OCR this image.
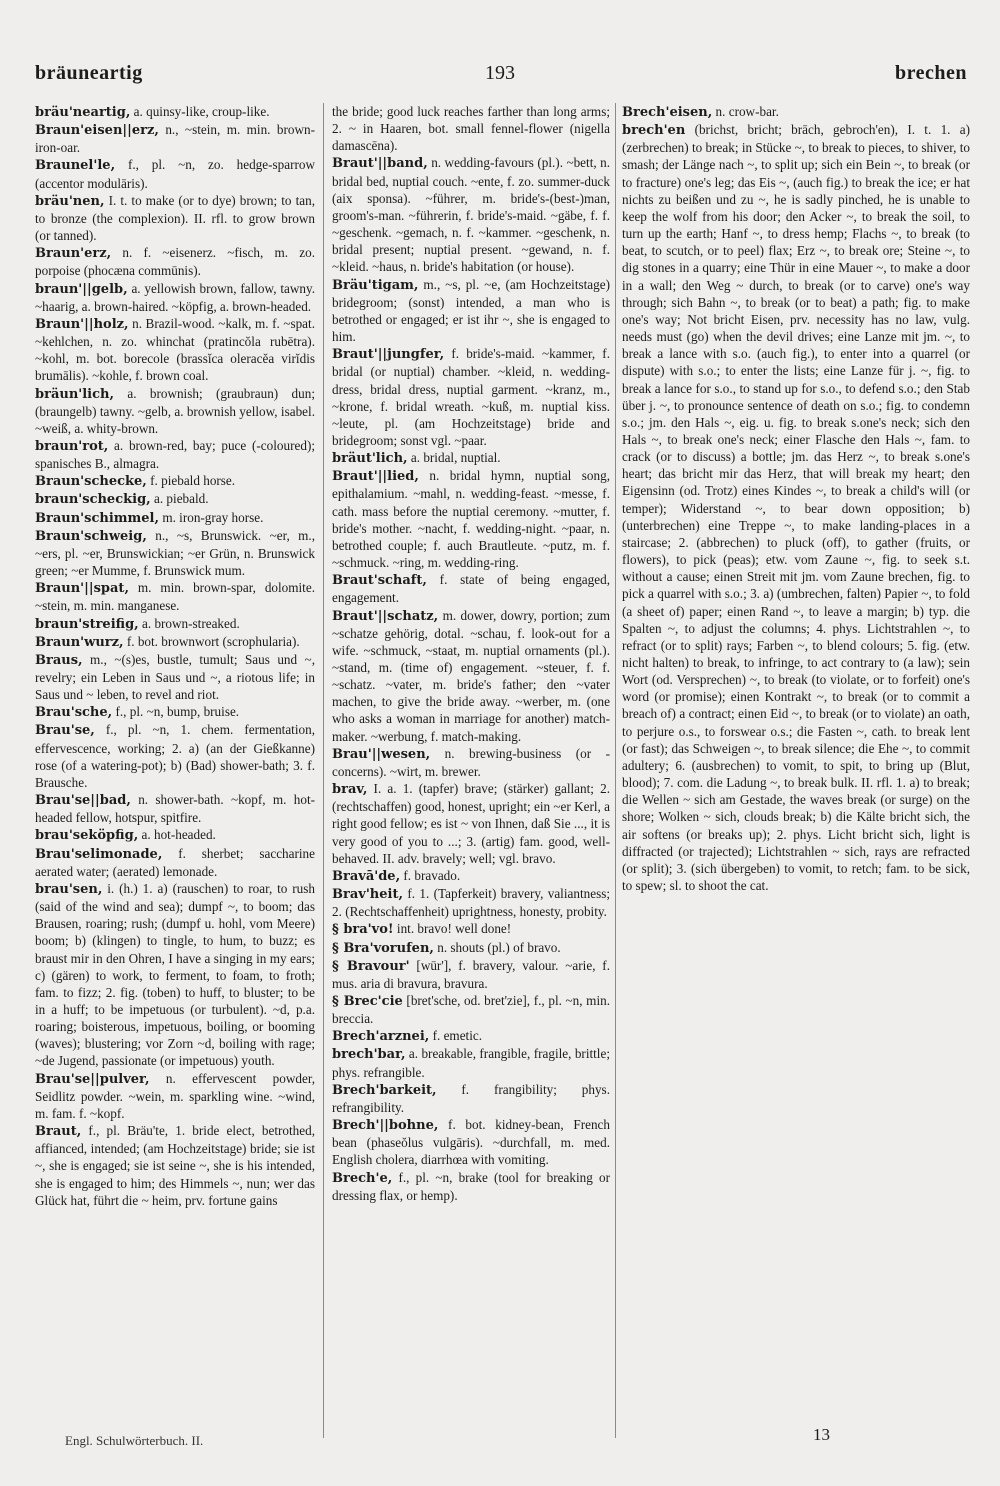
bräunеartig	193	brechen

bräu'neartig, a. quinsy-like, croup-like.

Braun'eisen||erz, n., ~stein, m. min. brown-iron-oar.

Braunel'le, f., pl. ~n, zo. hedge-sparrow (accentor modulāris).

bräu'nen, I. t. to make (or to dye) brown; to tan, to bronze (the complexion). II. rfl. to grow brown (or tanned).

Braun'erz, n. f. ~eisenerz. ~fisch, m. zo. porpoise (phocæna commūnis).

braun'||gelb, a. yellowish brown, fallow, tawny. ~haarig, a. brown-haired. ~köpfig, a. brown-headed.

Braun'||holz, n. Brazil-wood. ~kalk, m. f. ~spat. ~kehlchen, n. zo. whinchat (pratincŏla rubētra). ~kohl, m. bot. borecole (brassĭca oleracĕa virĭdis brumālis). ~kohle, f. brown coal.

bräun'lich, a. brownish; (graubraun) dun; (braungelb) tawny. ~gelb, a. brownish yellow, isabel. ~weiß, a. whity-brown.

braun'rot, a. brown-red, bay; puce (-coloured); spanisches B., almagra.

Braun'schecke, f. piebald horse.

braun'scheckig, a. piebald.

Braun'schimmel, m. iron-gray horse.

Braun'schweig, n., ~s, Brunswick. ~er, m., ~ers, pl. ~er, Brunswickian; ~er Grün, n. Brunswick green; ~er Mumme, f. Brunswick mum.

Braun'||spat, m. min. brown-spar, dolomite. ~stein, m. min. manganese.

braun'streifig, a. brown-streaked.

Braun'wurz, f. bot. brownwort (scrophularia).

Braus, m., ~(s)es, bustle, tumult; Saus und ~, revelry; ein Leben in Saus und ~, a riotous life; in Saus und ~ leben, to revel and riot.

Brau'sche, f., pl. ~n, bump, bruise.

Brau'se, f., pl. ~n, 1. chem. fermentation, effervescence, working; 2. a) (an der Gießkanne) rose (of a watering-pot); b) (Bad) shower-bath; 3. f. Brausche.

Brau'se||bad, n. shower-bath. ~kopf, m. hot-headed fellow, hotspur, spitfire.

brau'seköpfig, a. hot-headed.

Brau'selimonade, f. sherbet; saccharine aerated water; (aerated) lemonade.

brau'sen, i. (h.) 1. a) (rauschen) to roar, to rush (said of the wind and sea); dumpf ~, to boom; das Brausen, roaring; rush; (dumpf u. hohl, vom Meere) boom; b) (klingen) to tingle, to hum, to buzz; es braust mir in den Ohren, I have a singing in my ears; c) (gären) to work, to ferment, to foam, to froth; fam. to fizz; 2. fig. (toben) to huff, to bluster; to be in a huff; to be impetuous (or turbulent). ~d, p.a. roaring; boisterous, impetuous, boiling, or booming (waves); blustering; vor Zorn ~d, boiling with rage; ~de Jugend, passionate (or impetuous) youth.

Brau'se||pulver, n. effervescent powder, Seidlitz powder. ~wein, m. sparkling wine. ~wind, m. fam. f. ~kopf.

Braut, f., pl. Bräu'te, 1. bride elect, betrothed, affianced, intended; (am Hochzeitstage) bride; sie ist ~, she is engaged; sie ist seine ~, she is his intended, she is engaged to him; des Himmels ~, nun; wer das Glück hat, führt die ~ heim, prv. fortune gains

the bride; good luck reaches farther than long arms; 2. ~ in Haaren, bot. small fennel-flower (nigella damascēna).

Braut'||band, n. wedding-favours (pl.). ~bett, n. bridal bed, nuptial couch. ~ente, f. zo. summer-duck (aix sponsa). ~führer, m. bride's-(best-)man, groom's-man. ~führerin, f. bride's-maid. ~gäbe, f. f. ~geschenk. ~gemach, n. f. ~kammer. ~geschenk, n. bridal present; nuptial present. ~gewand, n. f. ~kleid. ~haus, n. bride's habitation (or house).

Bräu'tigam, m., ~s, pl. ~e, (am Hochzeitstage) bridegroom; (sonst) intended, a man who is betrothed or engaged; er ist ihr ~, she is engaged to him.

Braut'||jungfer, f. bride's-maid. ~kammer, f. bridal (or nuptial) chamber. ~kleid, n. wedding-dress, bridal dress, nuptial garment. ~kranz, m., ~krone, f. bridal wreath. ~kuß, m. nuptial kiss. ~leute, pl. (am Hochzeitstage) bride and bridegroom; sonst vgl. ~paar.

bräut'lich, a. bridal, nuptial.

Braut'||lied, n. bridal hymn, nuptial song, epithalamium. ~mahl, n. wedding-feast. ~messe, f. cath. mass before the nuptial ceremony. ~mutter, f. bride's mother. ~nacht, f. wedding-night. ~paar, n. betrothed couple; f. auch Brautleute. ~putz, m. f. ~schmuck. ~ring, m. wedding-ring.

Braut'schaft, f. state of being engaged, engagement.

Braut'||schatz, m. dower, dowry, portion; zum ~schatze gehörig, dotal. ~schau, f. look-out for a wife. ~schmuck, ~staat, m. nuptial ornaments (pl.). ~stand, m. (time of) engagement. ~steuer, f. f. ~schatz. ~vater, m. bride's father; den ~vater machen, to give the bride away. ~werber, m. (one who asks a woman in marriage for another) match-maker. ~werbung, f. match-making.

Brau'||wesen, n. brewing-business (or -concerns). ~wirt, m. brewer.

brav, I. a. 1. (tapfer) brave; (stärker) gallant; 2. (rechtschaffen) good, honest, upright; ein ~er Kerl, a right good fellow; es ist ~ von Ihnen, daß Sie ..., it is very good of you to ...; 3. (artig) fam. good, well-behaved. II. adv. bravely; well; vgl. bravo.

Bravā'de, f. bravado.

Brav'heit, f. 1. (Tapferkeit) bravery, valiantness; 2. (Rechtschaffenheit) uprightness, honesty, probity.

§ bra'vo! int. bravo! well done!

§ Bra'vorufen, n. shouts (pl.) of bravo.

§ Bravour' [wūr'], f. bravery, valour. ~arie, f. mus. aria di bravura, bravura.

§ Brec'cie [bret'sche, od. bret'zie], f., pl. ~n, min. breccia.

Brech'arznei, f. emetic.

brech'bar, a. breakable, frangible, fragile, brittle; phys. refrangible.

Brech'barkeit, f. frangibility; phys. refrangibility.

Brech'||bohne, f. bot. kidney-bean, French bean (phaseŏlus vulgāris). ~durchfall, m. med. English cholera, diarrhœa with vomiting.

Brech'e, f., pl. ~n, brake (tool for breaking or dressing flax, or hemp).

Brech'eisen, n. crow-bar.

brech'en (brichst, bricht; brāch, gebroch'en), I. t. 1. a) (zerbrechen) to break; in Stücke ~, to break to pieces, to shiver, to smash; der Länge nach ~, to split up; sich ein Bein ~, to break (or to fracture) one's leg; das Eis ~, (auch fig.) to break the ice; er hat nichts zu beißen und zu ~, he is sadly pinched, he is unable to keep the wolf from his door; den Acker ~, to break the soil, to turn up the earth; Hanf ~, to dress hemp; Flachs ~, to break (to beat, to scutch, or to peel) flax; Erz ~, to break ore; Steine ~, to dig stones in a quarry; eine Thür in eine Mauer ~, to make a door in a wall; den Weg ~ durch, to break (or to carve) one's way through; sich Bahn ~, to break (or to beat) a path; fig. to make one's way; Not bricht Eisen, prv. necessity has no law, vulg. needs must (go) when the devil drives; eine Lanze mit jm. ~, to break a lance with s.o. (auch fig.), to enter into a quarrel (or dispute) with s.o.; to enter the lists; eine Lanze für j. ~, fig. to break a lance for s.o., to stand up for s.o., to defend s.o.; den Stab über j. ~, to pronounce sentence of death on s.o.; fig. to condemn s.o.; jm. den Hals ~, eig. u. fig. to break s.one's neck; sich den Hals ~, to break one's neck; einer Flasche den Hals ~, fam. to crack (or to discuss) a bottle; jm. das Herz ~, to break s.one's heart; das bricht mir das Herz, that will break my heart; den Eigensinn (od. Trotz) eines Kindes ~, to break a child's will (or temper); Widerstand ~, to bear down opposition; b) (unterbrechen) eine Treppe ~, to make landing-places in a staircase; 2. (abbrechen) to pluck (off), to gather (fruits, or flowers), to pick (peas); etw. vom Zaune ~, fig. to seek s.t. without a cause; einen Streit mit jm. vom Zaune brechen, fig. to pick a quarrel with s.o.; 3. a) (umbrechen, falten) Papier ~, to fold (a sheet of) paper; einen Rand ~, to leave a margin; b) typ. die Spalten ~, to adjust the columns; 4. phys. Lichtstrahlen ~, to refract (or to split) rays; Farben ~, to blend colours; 5. fig. (etw. nicht halten) to break, to infringe, to act contrary to (a law); sein Wort (od. Versprechen) ~, to break (to violate, or to forfeit) one's word (or promise); einen Kontrakt ~, to break (or to commit a breach of) a contract; einen Eid ~, to break (or to violate) an oath, to perjure o.s., to forswear o.s.; die Fasten ~, cath. to break lent (or fast); das Schweigen ~, to break silence; die Ehe ~, to commit adultery; 6. (ausbrechen) to vomit, to spit, to bring up (Blut, blood); 7. com. die Ladung ~, to break bulk. II. rfl. 1. a) to break; die Wellen ~ sich am Gestade, the waves break (or surge) on the shore; Wolken ~ sich, clouds break; b) die Kälte bricht sich, the air softens (or breaks up); 2. phys. Licht bricht sich, light is diffracted (or trajected); Lichtstrahlen ~ sich, rays are refracted (or split); 3. (sich übergeben) to vomit, to retch; fam. to be sick, to spew; sl. to shoot the cat.

Engl. Schulwörterbuch. II.	13
